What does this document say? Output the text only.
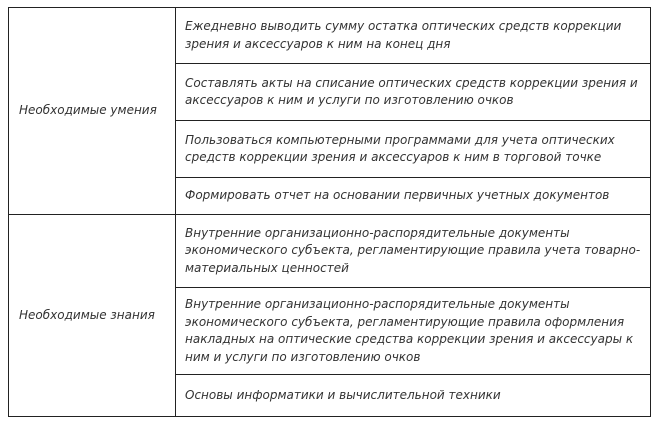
Необходимые умения	Ежедневно выводить сумму остатка оптических средств коррекции зрения и аксессуаров к ним на конец дня
	Составлять акты на списание оптических средств коррекции зрения и аксессуаров к ним и услуги по изготовлению очков
	Пользоваться компьютерными программами для учета оптических средств коррекции зрения и аксессуаров к ним в торговой точке
	Формировать отчет на основании первичных учетных документов
Необходимые знания	Внутренние организационно-распорядительные документы экономического субъекта, регламентирующие правила учета товарно-материальных ценностей
	Внутренние организационно-распорядительные документы экономического субъекта, регламентирующие правила оформления накладных на оптические средства коррекции зрения и аксессуары к ним и услуги по изготовлению очков
	Основы информатики и вычислительной техники
